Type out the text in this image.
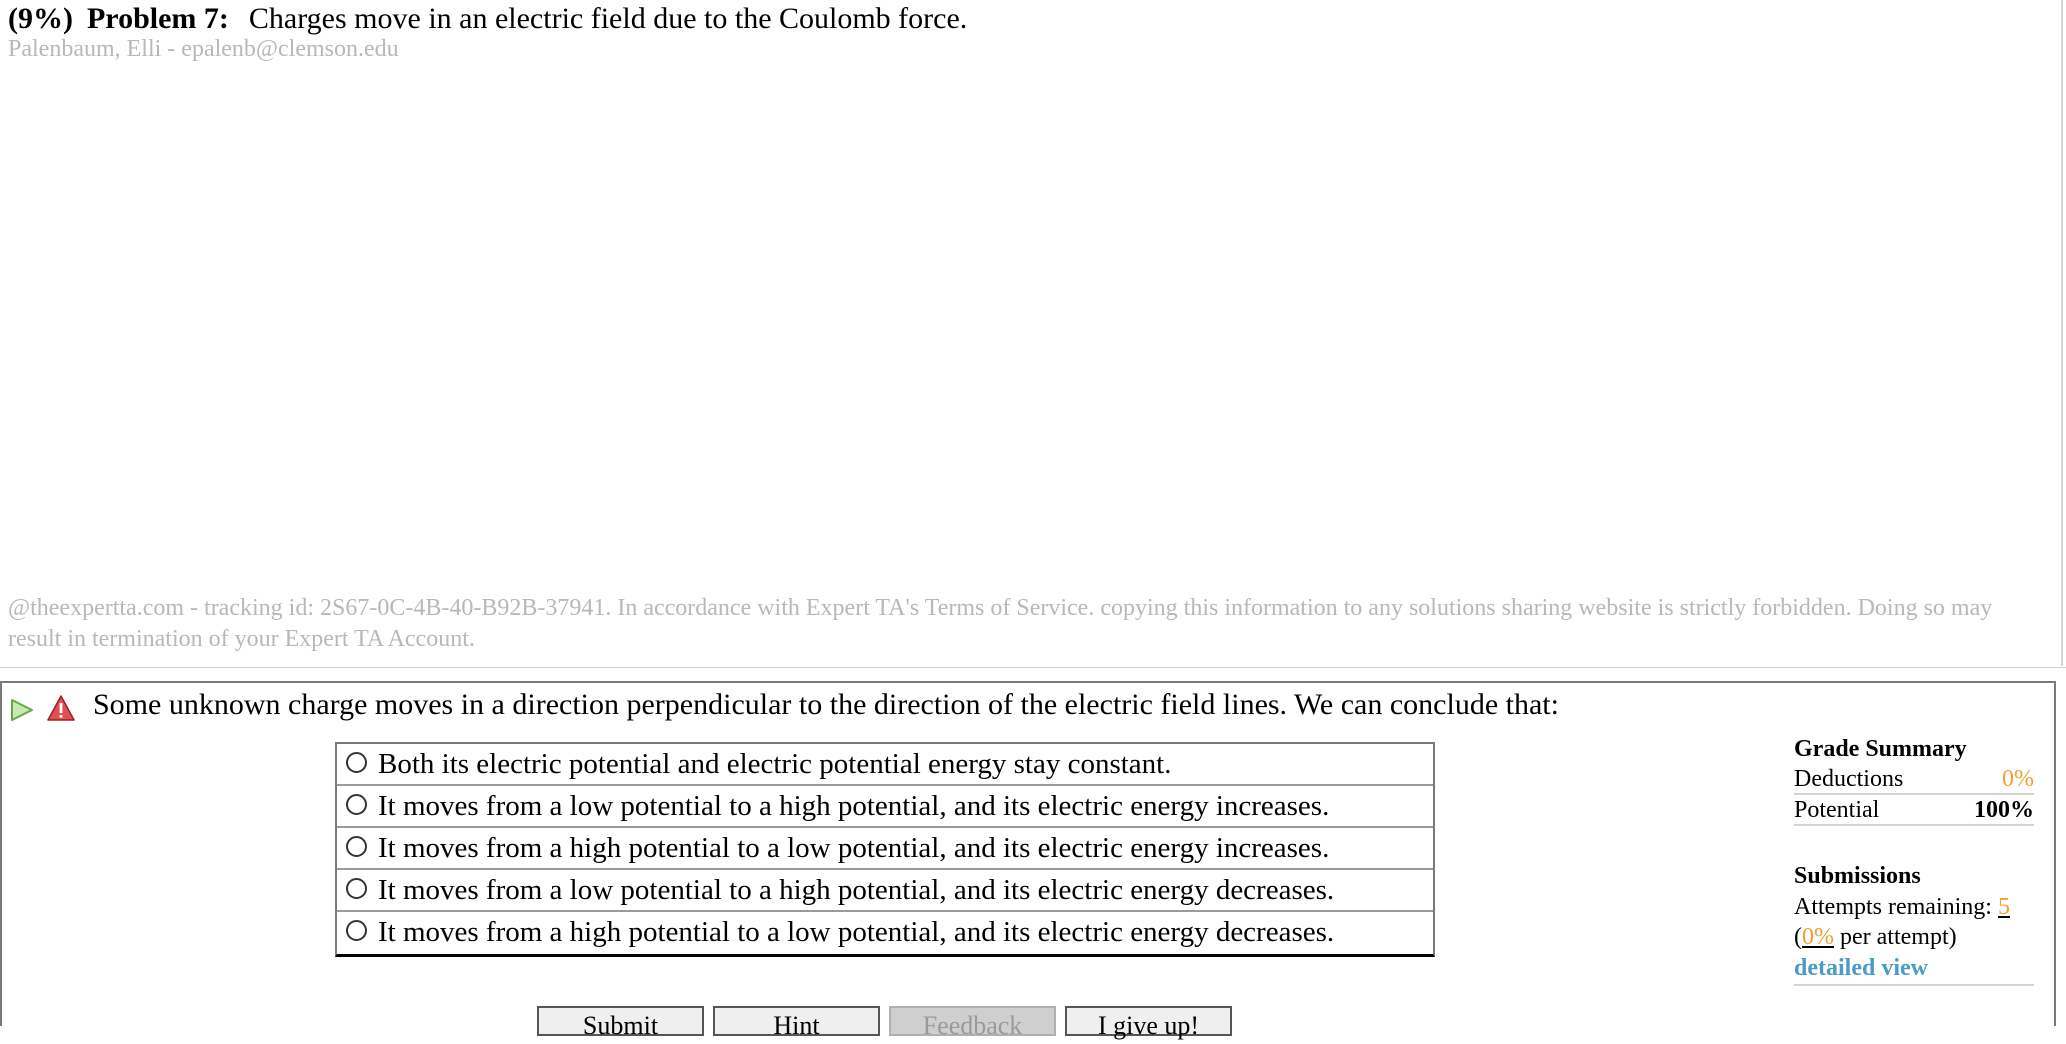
(9%) Problem 7: Charges move in an electric field due to the Coulomb force.
Palenbaum, Elli - epalenb@clemson.edu
@theexpertta.com - tracking id: 2S67-0C-4B-40-B92B-37941. In accordance with Expert TA's Terms of Service. copying this information to any solutions sharing website is strictly forbidden. Doing so may result in termination of your Expert TA Account.
Some unknown charge moves in a direction perpendicular to the direction of the electric field lines. We can conclude that:
Both its electric potential and electric potential energy stay constant.
It moves from a low potential to a high potential, and its electric energy increases.
It moves from a high potential to a low potential, and its electric energy increases.
It moves from a low potential to a high potential, and its electric energy decreases.
It moves from a high potential to a low potential, and its electric energy decreases.
Grade Summary
Deductions	0%
Potential	100%
Submissions
Attempts remaining: 5
(0% per attempt)
detailed view
Submit	Hint	Feedback	I give up!
